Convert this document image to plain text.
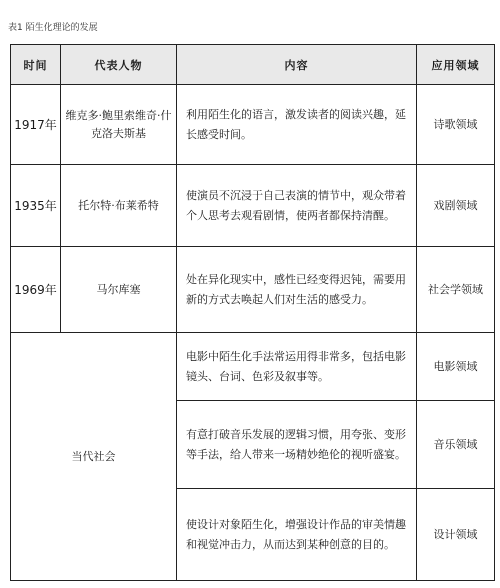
表1 陌生化理论的发展
时间	代表人物	内容	应用领域
1917年	维克多·鲍里索维奇·什克洛夫斯基	利用陌生化的语言，激发读者的阅读兴趣，延长感受时间。	诗歌领域
1935年	托尔特·布莱希特	使演员不沉浸于自己表演的情节中，观众带着个人思考去观看剧情，使两者都保持清醒。	戏剧领域
1969年	马尔库塞	处在异化现实中，感性已经变得迟钝，需要用新的方式去唤起人们对生活的感受力。	社会学领域
当代社会		电影中陌生化手法常运用得非常多，包括电影镜头、台词、色彩及叙事等。	电影领域
		有意打破音乐发展的逻辑习惯，用夸张、变形等手法，给人带来一场精妙绝伦的视听盛宴。	音乐领域
		使设计对象陌生化，增强设计作品的审美情趣和视觉冲击力，从而达到某种创意的目的。	设计领域
